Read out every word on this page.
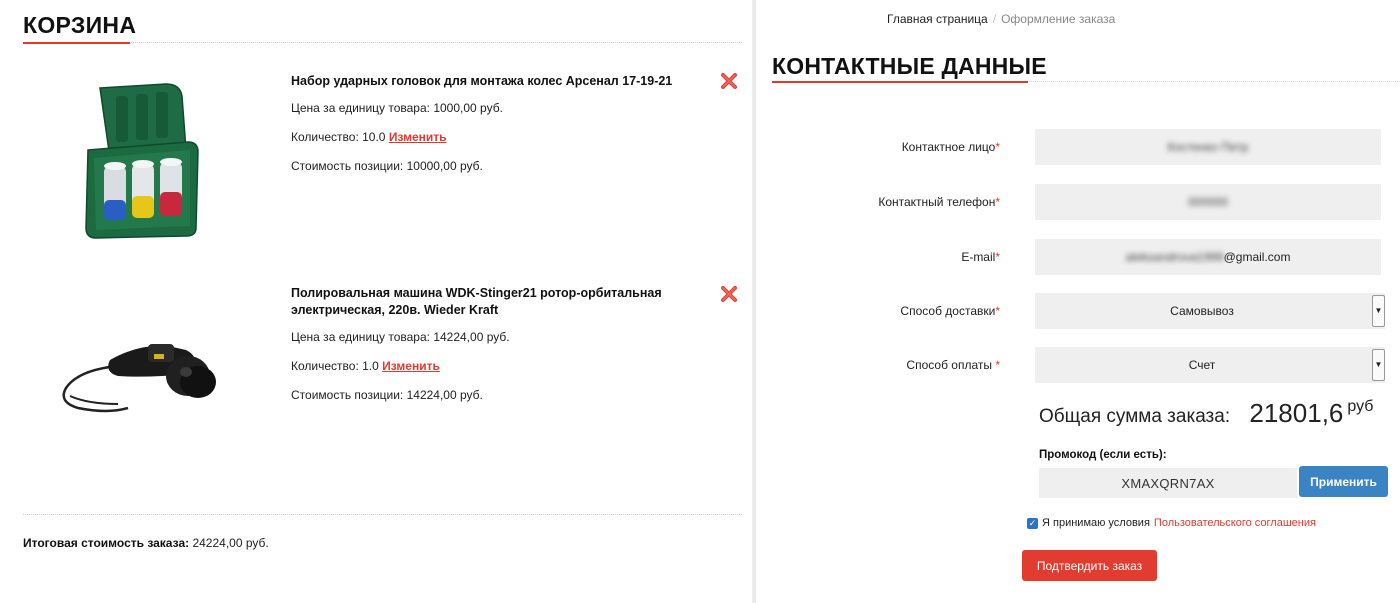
КОРЗИНА
Набор ударных головок для монтажа колес Арсенал 17-19-21
Цена за единицу товара: 1000,00 руб.
Количество: 10.0 Изменить
Стоимость позиции: 10000,00 руб.
Полировальная машина WDK-Stinger21 ротор-орбитальная электрическая, 220в. Wieder Kraft
Цена за единицу товара: 14224,00 руб.
Количество: 1.0 Изменить
Стоимость позиции: 14224,00 руб.
Итоговая стоимость заказа: 24224,00 руб.
Главная страница / Оформление заказа
КОНТАКТНЫЕ ДАННЫЕ
Контактное лицо*	Костенко Петр
Контактный телефон*	000000
E-mail*	aleksandrova1999@gmail.com
Способ доставки*	Самовывоз	▼
Способ оплаты *	Счет	▼
Общая сумма заказа: 21801,6 $^{руб}$
Промокод (если есть):
XMAXQRN7AX
Применить
✓ Я принимаю условия Пользовательского соглашения
Подтвердить заказ
